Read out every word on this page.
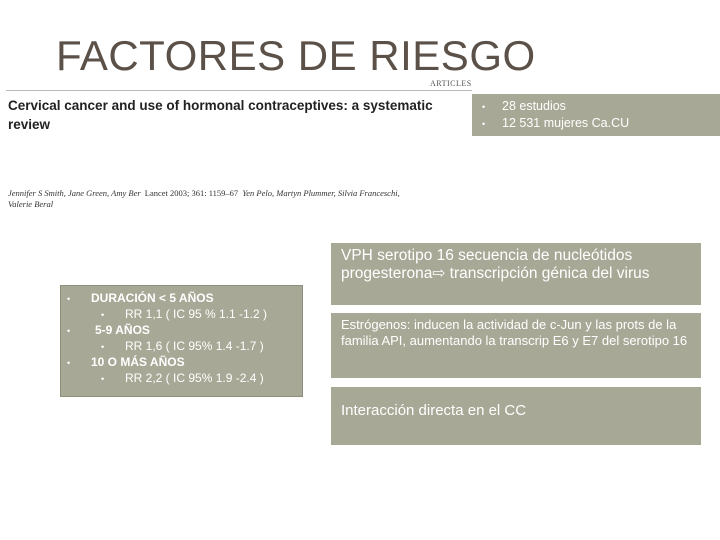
FACTORES DE RIESGO
ARTICLES
Cervical cancer and use of hormonal contraceptives: a systematic review
Jennifer S Smith, Jane Green, Amy Ber Lancet 2003; 361: 1159–67 Yen Pelo, Martyn Plummer, Silvia Franceschi,
Valerie Beral
• 28 estudios
• 12 531 mujeres Ca.CU
• DURACIÓN < 5 AÑOS
• RR 1,1 ( IC 95 % 1.1 -1.2 )
• 5-9 AÑOS
• RR 1,6 ( IC 95% 1.4 -1.7 )
• 10 O MÁS AÑOS
• RR 2,2 ( IC 95% 1.9 -2.4 )
VPH serotipo 16 secuencia de nucleótidos progesterona⇨ transcripción génica del virus
Estrógenos: inducen la actividad de c-Jun y las prots de la familia API, aumentando la transcrip E6 y E7 del serotipo 16
Interacción directa en el CC
